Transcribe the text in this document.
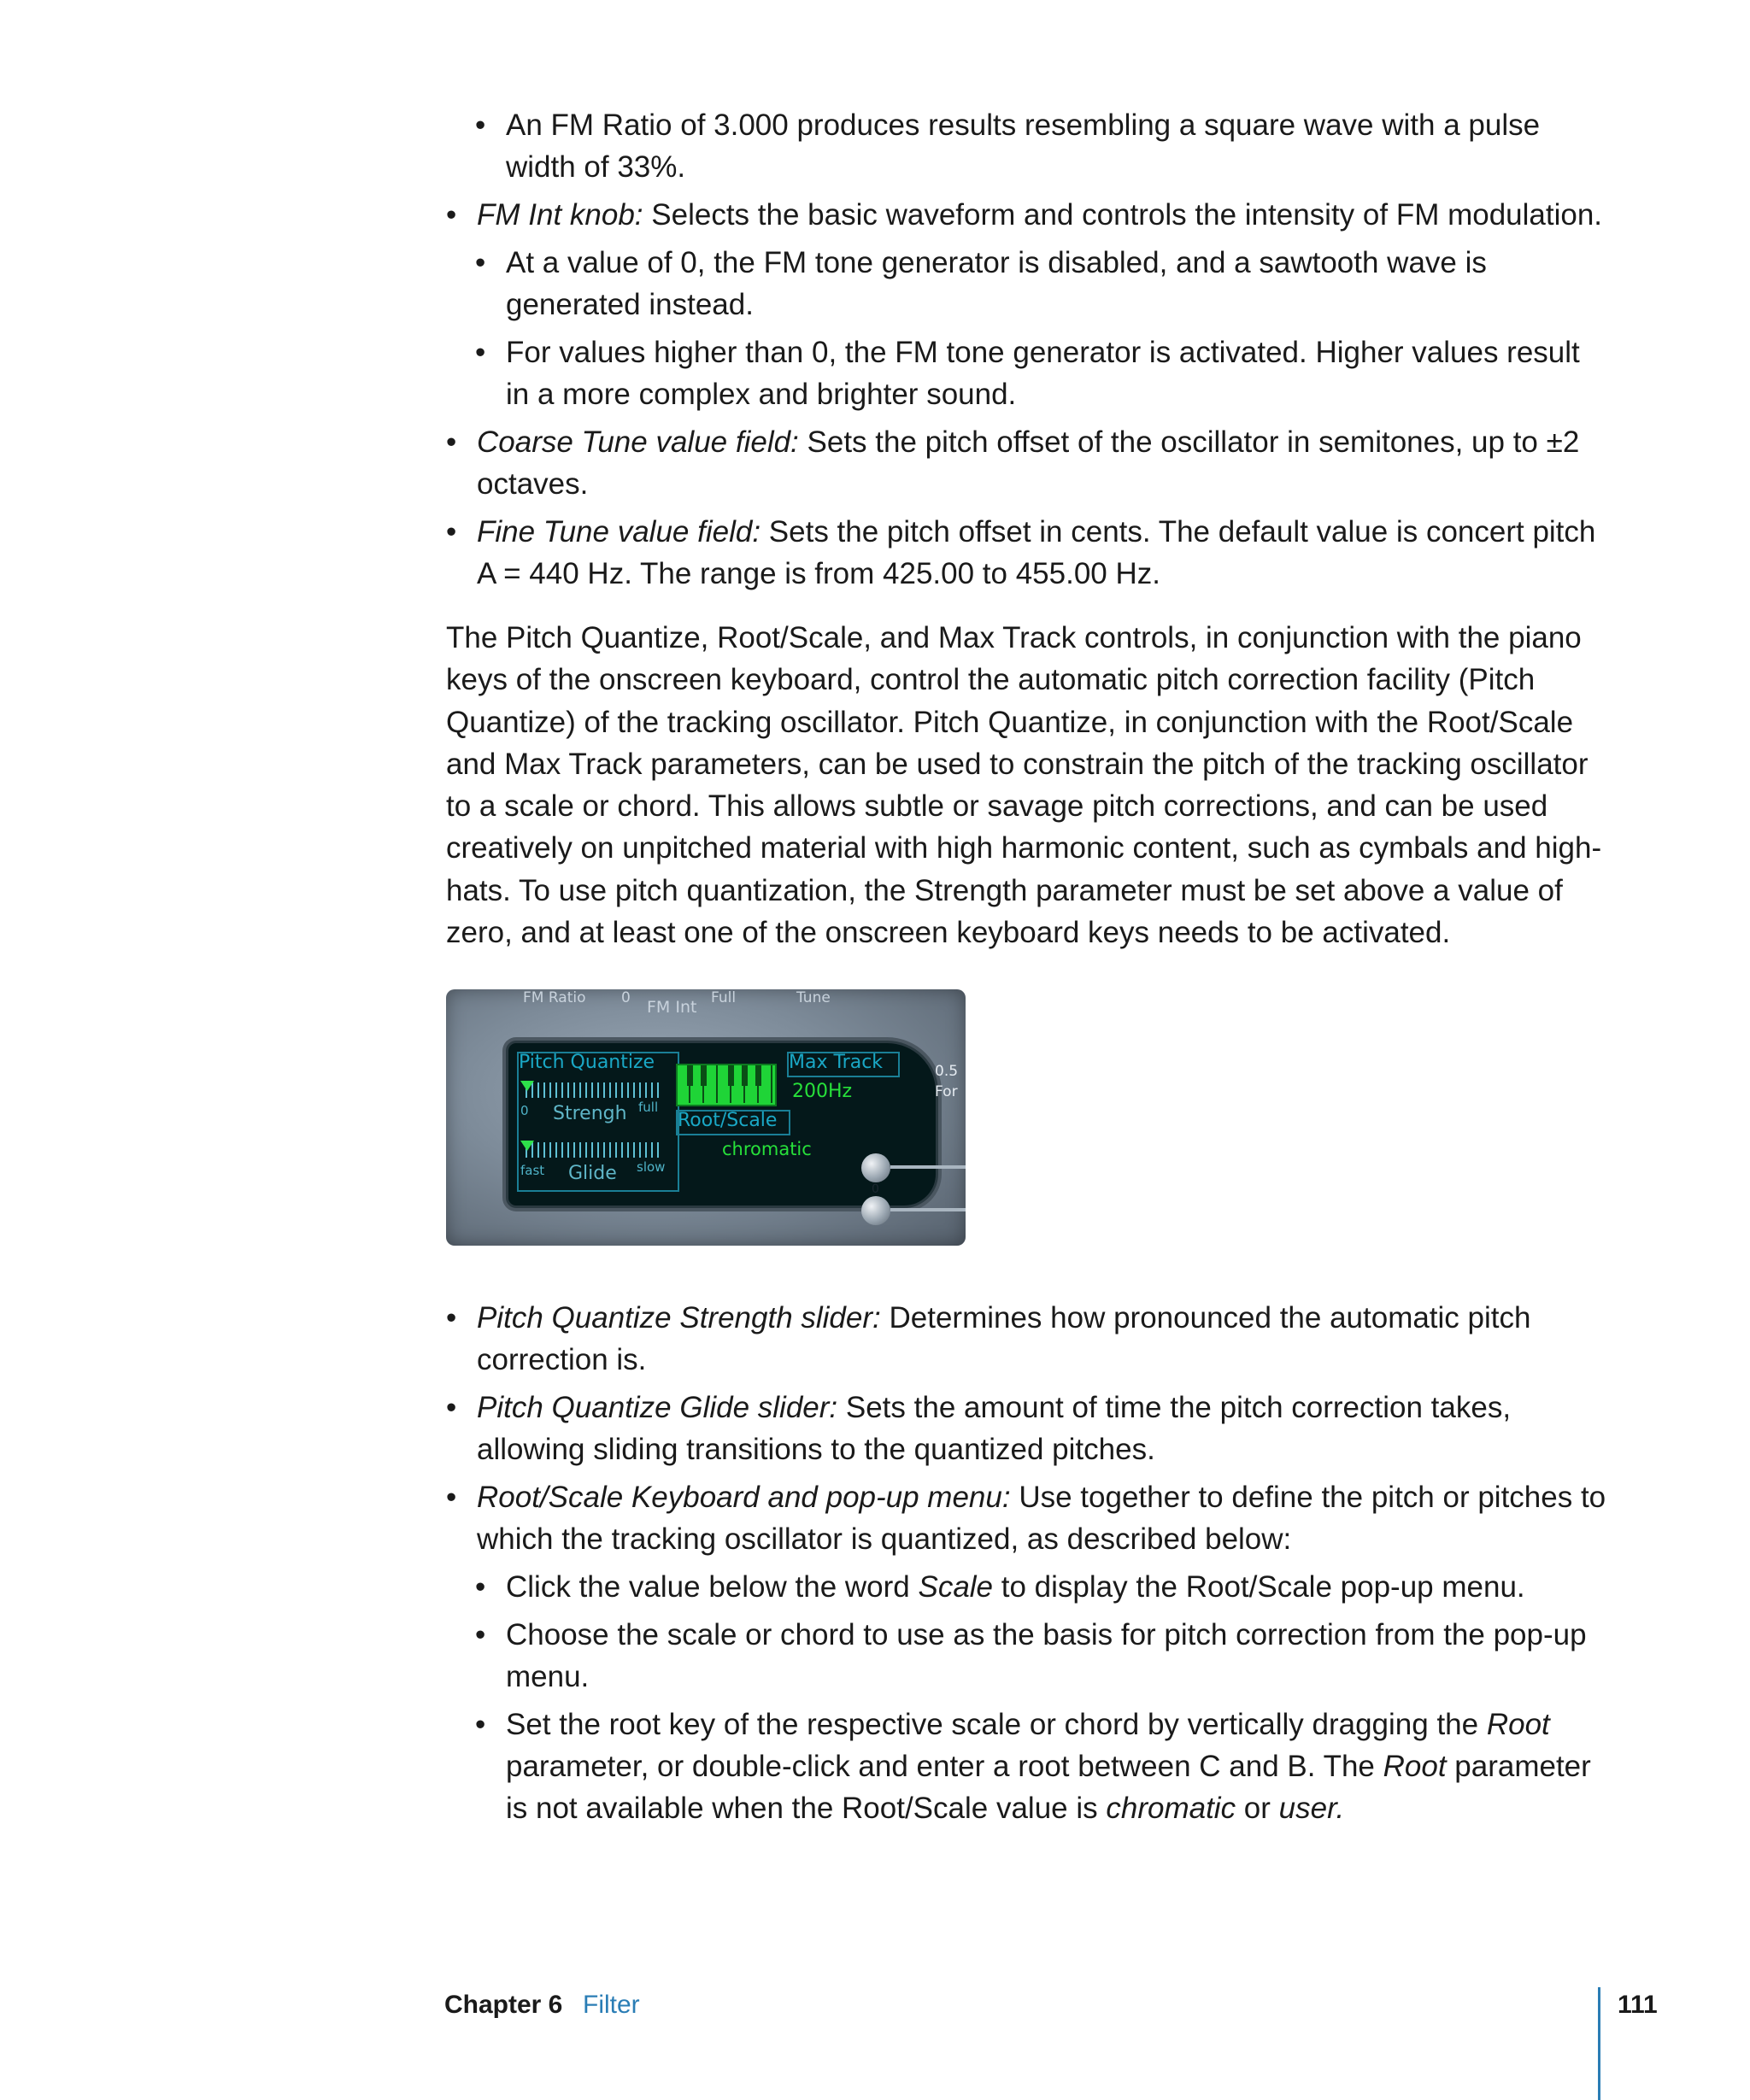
• An FM Ratio of 3.000 produces results resembling a square wave with a pulse width of 33%.
• FM Int knob: Selects the basic waveform and controls the intensity of FM modulation.
• At a value of 0, the FM tone generator is disabled, and a sawtooth wave is generated instead.
• For values higher than 0, the FM tone generator is activated. Higher values result in a more complex and brighter sound.
• Coarse Tune value field: Sets the pitch offset of the oscillator in semitones, up to ±2 octaves.
• Fine Tune value field: Sets the pitch offset in cents. The default value is concert pitch A = 440 Hz. The range is from 425.00 to 455.00 Hz.

The Pitch Quantize, Root/Scale, and Max Track controls, in conjunction with the piano keys of the onscreen keyboard, control the automatic pitch correction facility (Pitch Quantize) of the tracking oscillator. Pitch Quantize, in conjunction with the Root/Scale and Max Track parameters, can be used to constrain the pitch of the tracking oscillator to a scale or chord. This allows subtle or savage pitch corrections, and can be used creatively on unpitched material with high harmonic content, such as cymbals and high-hats. To use pitch quantization, the Strength parameter must be set above a value of zero, and at least one of the onscreen keyboard keys needs to be activated.

FM Ratio 0 FM Int Full	Tune
Pitch Quantize
0 Strengh full
fast Glide slow
Root/Scale
chromatic
Max Track
200Hz
0.5
For
0
• Pitch Quantize Strength slider: Determines how pronounced the automatic pitch correction is.
• Pitch Quantize Glide slider: Sets the amount of time the pitch correction takes, allowing sliding transitions to the quantized pitches.
• Root/Scale Keyboard and pop-up menu: Use together to define the pitch or pitches to which the tracking oscillator is quantized, as described below:
• Click the value below the word Scale to display the Root/Scale pop-up menu.
• Choose the scale or chord to use as the basis for pitch correction from the pop-up menu.
• Set the root key of the respective scale or chord by vertically dragging the Root parameter, or double-click and enter a root between C and B. The Root parameter is not available when the Root/Scale value is chromatic or user.
Chapter 6 Filter	111
